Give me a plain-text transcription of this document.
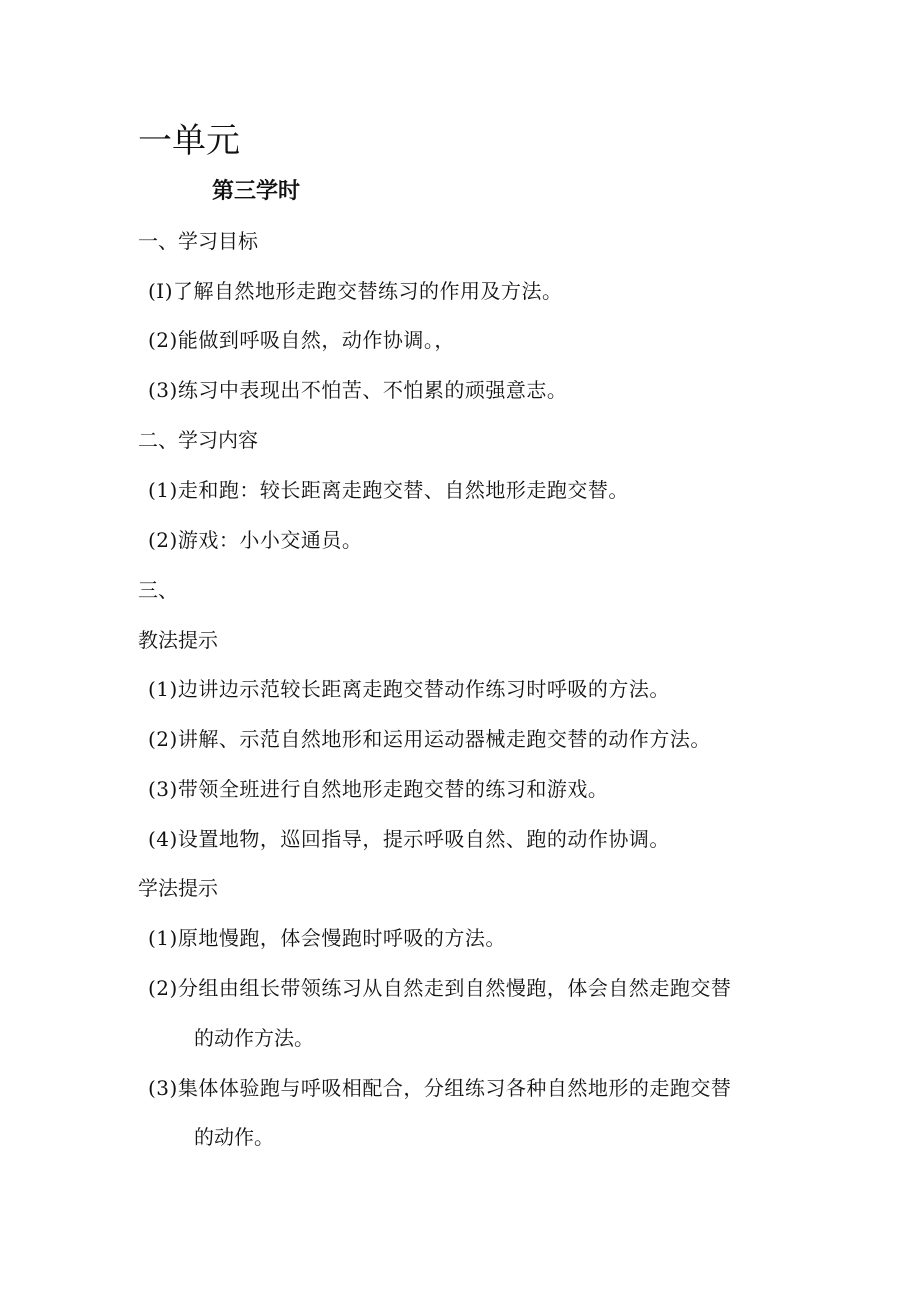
一单元
第三学时
一、学习目标
(I)了解自然地形走跑交替练习的作用及方法。
(2)能做到呼吸自然，动作协调。，
(3)练习中表现出不怕苦、不怕累的顽强意志。
二、学习内容
(1)走和跑：较长距离走跑交替、自然地形走跑交替。
(2)游戏：小小交通员。
三、
教法提示
(1)边讲边示范较长距离走跑交替动作练习时呼吸的方法。
(2)讲解、示范自然地形和运用运动器械走跑交替的动作方法。
(3)带领全班进行自然地形走跑交替的练习和游戏。
(4)设置地物，巡回指导，提示呼吸自然、跑的动作协调。
学法提示
(1)原地慢跑，体会慢跑时呼吸的方法。
(2)分组由组长带领练习从自然走到自然慢跑，体会自然走跑交替
的动作方法。
(3)集体体验跑与呼吸相配合，分组练习各种自然地形的走跑交替
的动作。
